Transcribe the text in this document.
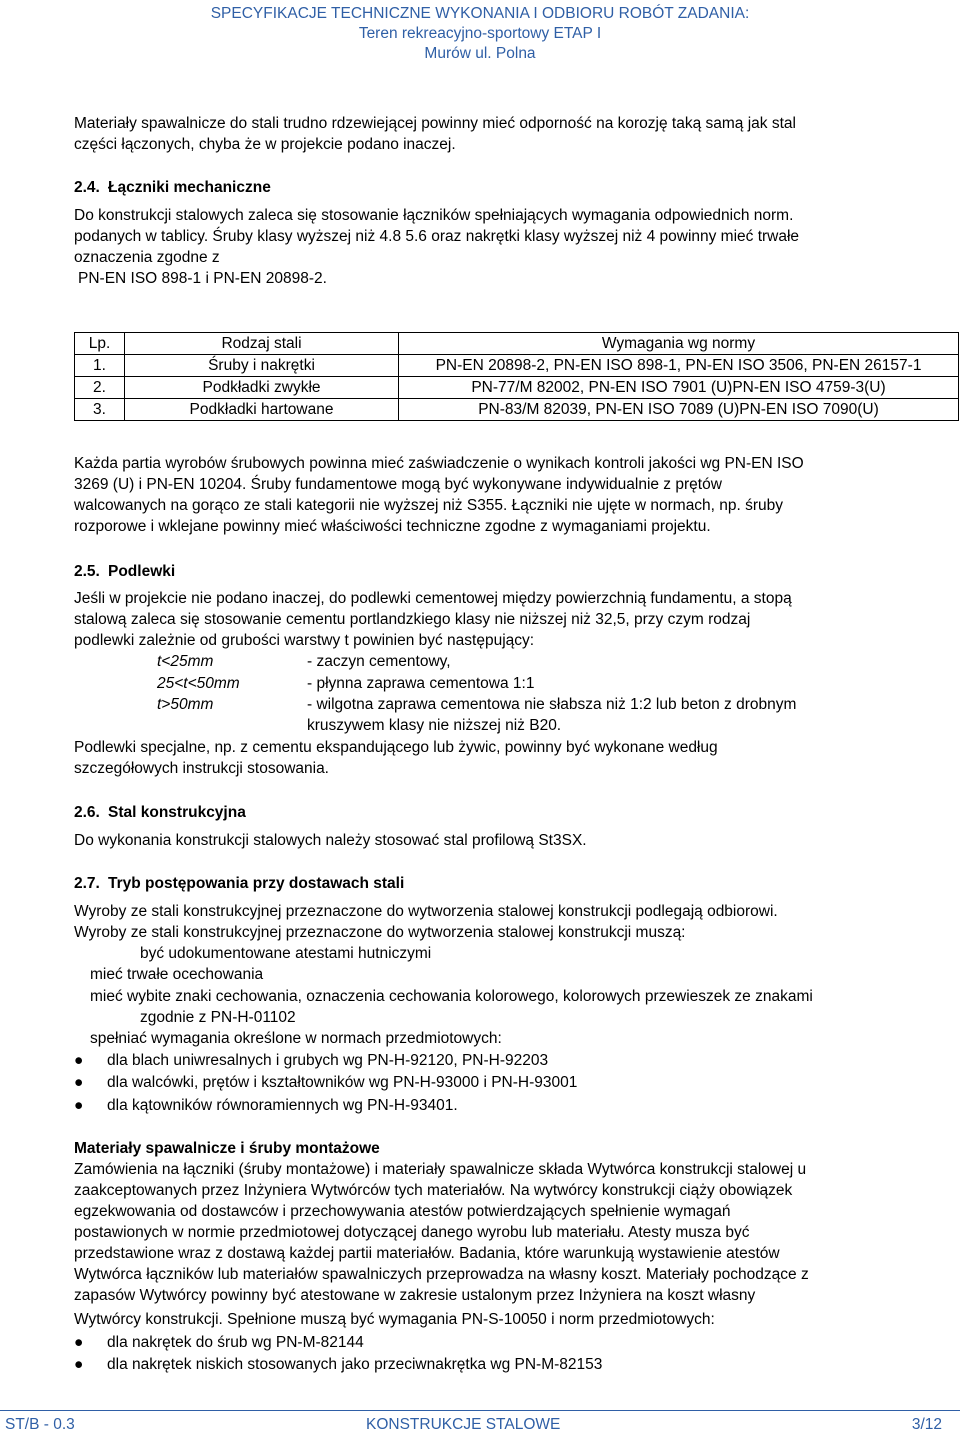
SPECYFIKACJE TECHNICZNE WYKONANIA I ODBIORU ROBÓT ZADANIA:
Teren rekreacyjno-sportowy ETAP I
Murów ul. Polna

Materiały spawalnicze do stali trudno rdzewiejącej powinny mieć odporność na korozję taką samą jak stal
części łączonych, chyba że w projekcie podano inaczej.

2.4. Łączniki mechaniczne

Do konstrukcji stalowych zaleca się stosowanie łączników spełniających wymagania odpowiednich norm.
podanych w tablicy. Śruby klasy wyższej niż 4.8 5.6 oraz nakrętki klasy wyższej niż 4 powinny mieć trwałe
oznaczenia zgodne z
PN-EN ISO 898-1 i PN-EN 20898-2.

Lp.	Rodzaj stali	Wymagania wg normy
1.	Śruby i nakrętki	PN-EN 20898-2, PN-EN ISO 898-1, PN-EN ISO 3506, PN-EN 26157-1
2.	Podkładki zwykłe	PN-77/M 82002, PN-EN ISO 7901 (U)PN-EN ISO 4759-3(U)
3.	Podkładki hartowane	PN-83/M 82039, PN-EN ISO 7089 (U)PN-EN ISO 7090(U)

Każda partia wyrobów śrubowych powinna mieć zaświadczenie o wynikach kontroli jakości wg PN-EN ISO
3269 (U) i PN-EN 10204. Śruby fundamentowe mogą być wykonywane indywidualnie z prętów
walcowanych na gorąco ze stali kategorii nie wyższej niż S355. Łączniki nie ujęte w normach, np. śruby
rozporowe i wklejane powinny mieć właściwości techniczne zgodne z wymaganiami projektu.

2.5. Podlewki

Jeśli w projekcie nie podano inaczej, do podlewki cementowej między powierzchnią fundamentu, a stopą
stalową zaleca się stosowanie cementu portlandzkiego klasy nie niższej niż 32,5, przy czym rodzaj
podlewki zależnie od grubości warstwy t powinien być następujący:

t<25mm	- zaczyn cementowy,
25<t<50mm	- płynna zaprawa cementowa 1:1
t>50mm	- wilgotna zaprawa cementowa nie słabsza niż 1:2 lub beton z drobnym
kruszywem klasy nie niższej niż B20.

Podlewki specjalne, np. z cementu ekspandującego lub żywic, powinny być wykonane według
szczegółowych instrukcji stosowania.

2.6. Stal konstrukcyjna
Do wykonania konstrukcji stalowych należy stosować stal profilową St3SX.
2.7. Tryb postępowania przy dostawach stali
Wyroby ze stali konstrukcyjnej przeznaczone do wytworzenia stalowej konstrukcji podlegają odbiorowi.
Wyroby ze stali konstrukcyjnej przeznaczone do wytworzenia stalowej konstrukcji muszą:
być udokumentowane atestami hutniczymi
mieć trwałe ocechowania
mieć wybite znaki cechowania, oznaczenia cechowania kolorowego, kolorowych przewieszek ze znakami
zgodnie z PN-H-01102
spełniać wymagania określone w normach przedmiotowych:
● dla blach uniwresalnych i grubych wg PN-H-92120, PN-H-92203
● dla walcówki, prętów i kształtowników wg PN-H-93000 i PN-H-93001
● dla kątowników równoramiennych wg PN-H-93401.
Materiały spawalnicze i śruby montażowe

Zamówienia na łączniki (śruby montażowe) i materiały spawalnicze składa Wytwórca konstrukcji stalowej u
zaakceptowanych przez Inżyniera Wytwórców tych materiałów. Na wytwórcy konstrukcji ciąży obowiązek
egzekwowania od dostawców i przechowywania atestów potwierdzających spełnienie wymagań
postawionych w normie przedmiotowej dotyczącej danego wyrobu lub materiału. Atesty musza być
przedstawione wraz z dostawą każdej partii materiałów. Badania, które warunkują wystawienie atestów
Wytwórca łączników lub materiałów spawalniczych przeprowadza na własny koszt. Materiały pochodzące z
zapasów Wytwórcy powinny być atestowane w zakresie ustalonym przez Inżyniera na koszt własny

Wytwórcy konstrukcji. Spełnione muszą być wymagania PN-S-10050 i norm przedmiotowych:
● dla nakrętek do śrub wg PN-M-82144
● dla nakrętek niskich stosowanych jako przeciwnakrętka wg PN-M-82153
ST/B - 0.3	KONSTRUKCJE STALOWE	3/12
